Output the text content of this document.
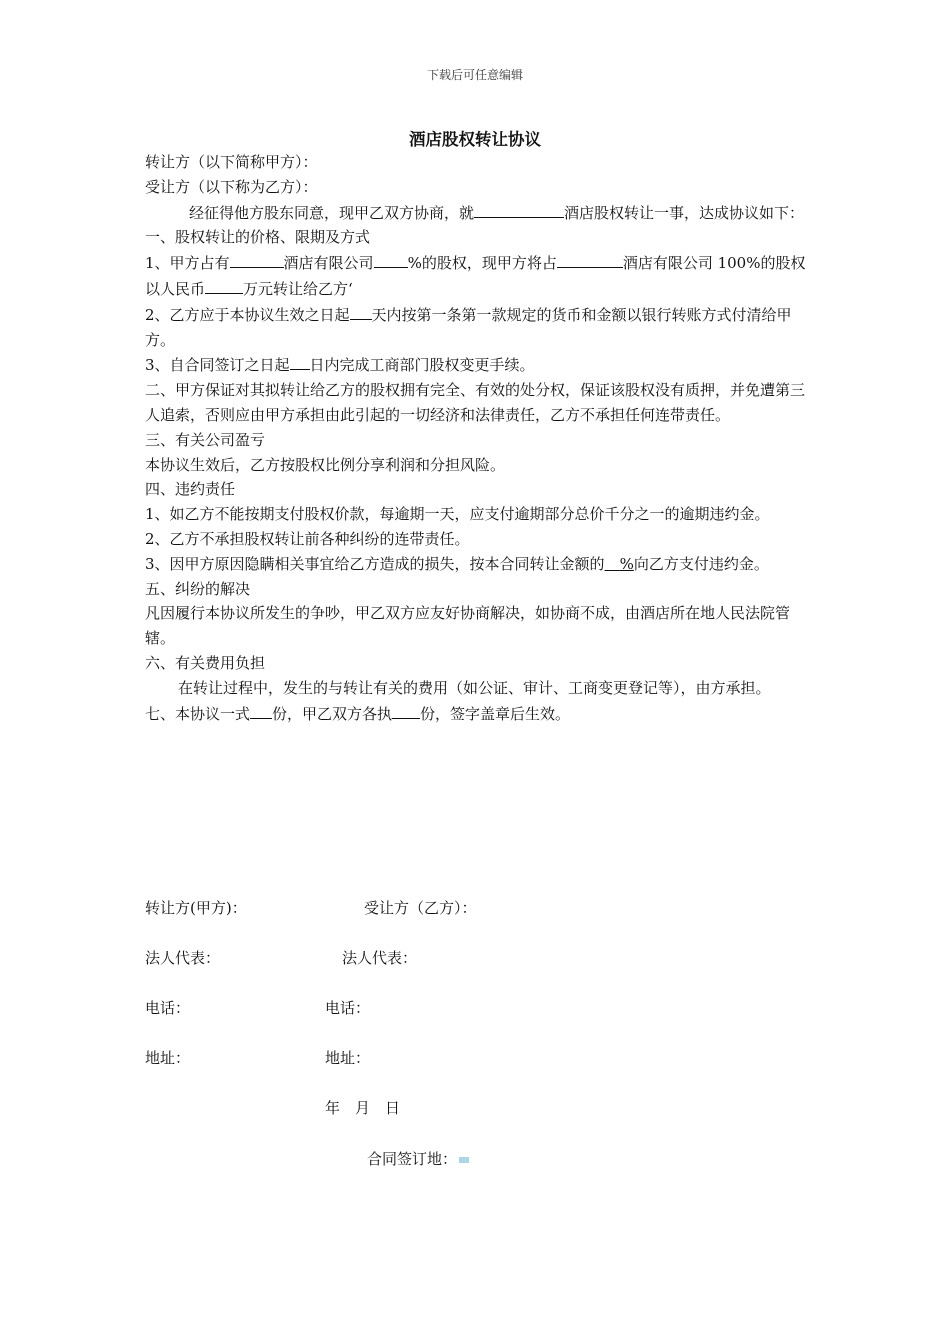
下载后可任意编辑
酒店股权转让协议

转让方（以下简称甲方）：

受让方（以下称为乙方）：

经征得他方股东同意，现甲乙双方协商，就	酒店股权转让一事，达成协议如下：

一、股权转让的价格、限期及方式

1、甲方占有	酒店有限公司 %的股权，现甲方将占	酒店有限公司 100%的股权以人民币	万元转让给乙方‘

2、乙方应于本协议生效之日起 天内按第一条第一款规定的货币和金额以银行转账方式付清给甲方。

3、自合同签订之日起 日内完成工商部门股权变更手续。

二、甲方保证对其拟转让给乙方的股权拥有完全、有效的处分权，保证该股权没有质押，并免遭第三人追索，否则应由甲方承担由此引起的一切经济和法律责任，乙方不承担任何连带责任。

三、有关公司盈亏

本协议生效后，乙方按股权比例分享利润和分担风险。

四、违约责任

1、如乙方不能按期支付股权价款，每逾期一天，应支付逾期部分总价千分之一的逾期违约金。

2、乙方不承担股权转让前各种纠纷的连带责任。

3、因甲方原因隐瞒相关事宜给乙方造成的损失，按本合同转让金额的　 %向乙方支付违约金。

五、纠纷的解决

凡因履行本协议所发生的争吵，甲乙双方应友好协商解决，如协商不成，由酒店所在地人民法院管辖。

六、有关费用负担

在转让过程中，发生的与转让有关的费用（如公证、审计、工商变更登记等），由方承担。

七、本协议一式 份，甲乙双方各执 份，签字盖章后生效。

转让方(甲方)：	受让方（乙方）：
法人代表：	法人代表：
电话：	电话：
地址：	地址：
年　月　日
合同签订地：
